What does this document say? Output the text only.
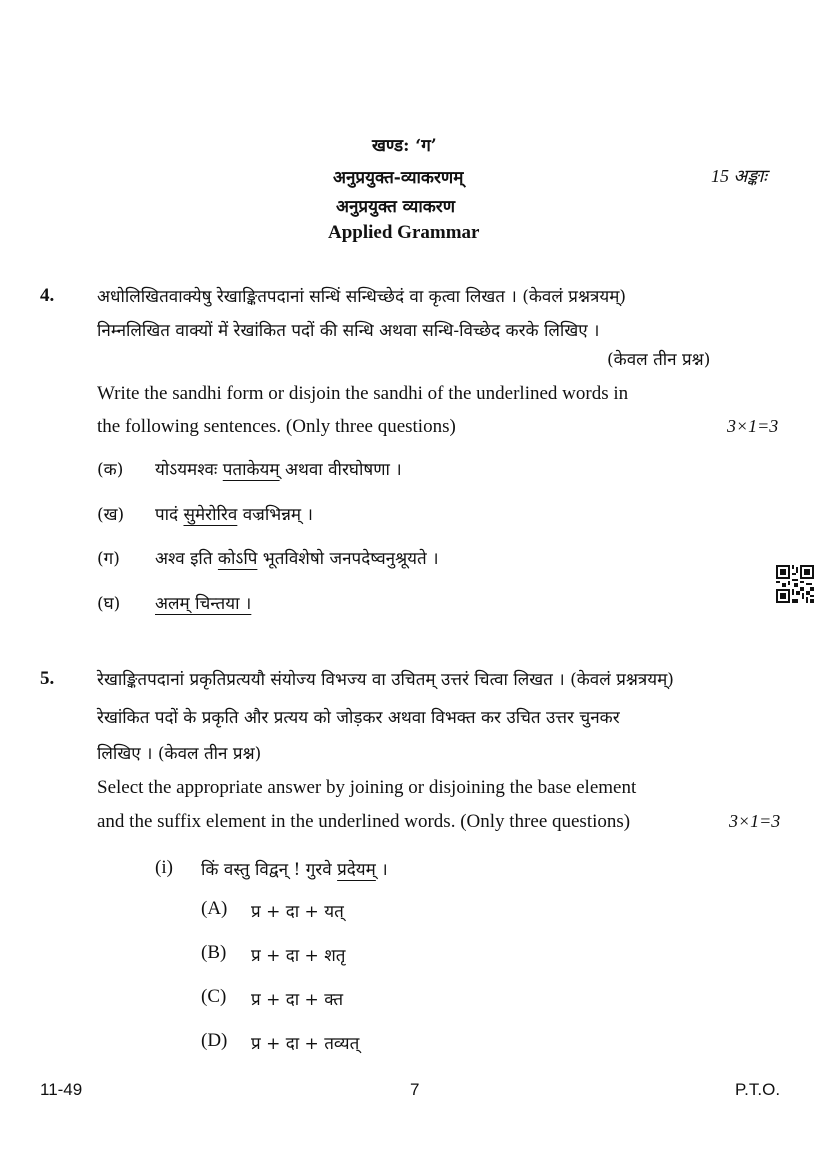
खण्ड: ‘ग’
अनुप्रयुक्त-व्याकरणम्	15 अङ्काः
अनुप्रयुक्त व्याकरण
Applied Grammar
4.	अधोलिखितवाक्येषु रेखाङ्कितपदानां सन्धिं सन्धिच्छेदं वा कृत्वा लिखत । (केवलं प्रश्नत्रयम्)
निम्नलिखित वाक्यों में रेखांकित पदों की सन्धि अथवा सन्धि-विच्छेद करके लिखिए ।
(केवल तीन प्रश्न)
Write the sandhi form or disjoin the sandhi of the underlined words in
the following sentences. (Only three questions)	3×1=3
(क) योऽयमश्वः पताकेयम् अथवा वीरघोषणा ।
(ख) पादं सुमेरोरिव वज्रभिन्नम् ।
(ग) अश्व इति कोऽपि भूतविशेषो जनपदेष्वनुश्रूयते ।
(घ) अलम् चिन्तया ।
5.	रेखाङ्कितपदानां प्रकृतिप्रत्ययौ संयोज्य विभज्य वा उचितम् उत्तरं चित्वा लिखत । (केवलं प्रश्नत्रयम्)
रेखांकित पदों के प्रकृति और प्रत्यय को जोड़कर अथवा विभक्त कर उचित उत्तर चुनकर
लिखिए । (केवल तीन प्रश्न)
Select the appropriate answer by joining or disjoining the base element
and the suffix element in the underlined words. (Only three questions)	3×1=3
(i) किं वस्तु विद्वन् ! गुरवे प्रदेयम् ।
(A) प्र + दा + यत्
(B) प्र + दा + शतृ
(C) प्र + दा + क्त
(D) प्र + दा + तव्यत्
11-49	7	P.T.O.
